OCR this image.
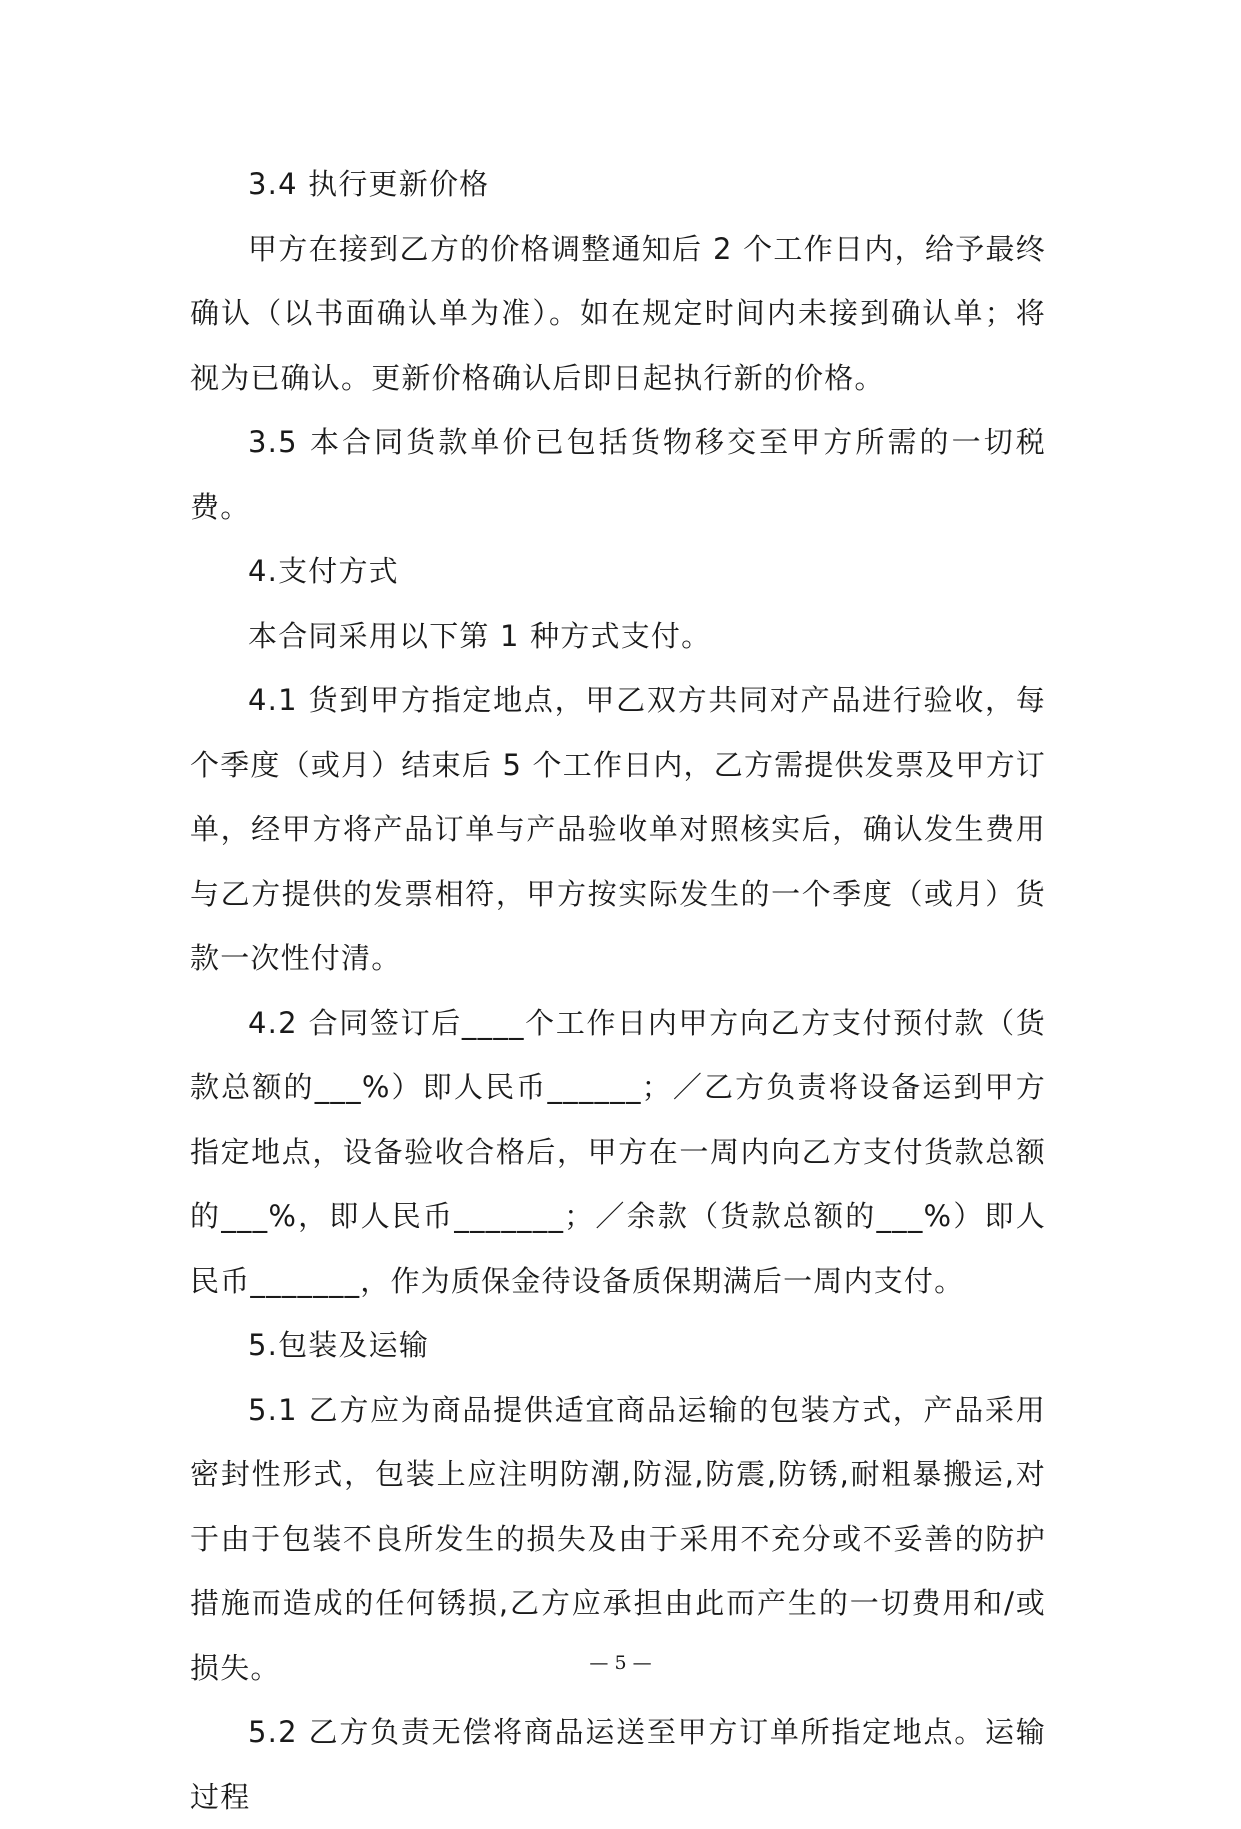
3.4 执行更新价格

甲方在接到乙方的价格调整通知后 2 个工作日内，给予最终确认（以书面确认单为准）。如在规定时间内未接到确认单；将视为已确认。更新价格确认后即日起执行新的价格。

3.5 本合同货款单价已包括货物移交至甲方所需的一切税费。

4.支付方式

本合同采用以下第 1 种方式支付。

4.1 货到甲方指定地点，甲乙双方共同对产品进行验收，每个季度（或月）结束后 5 个工作日内，乙方需提供发票及甲方订单，经甲方将产品订单与产品验收单对照核实后，确认发生费用与乙方提供的发票相符，甲方按实际发生的一个季度（或月）货款一次性付清。

4.2 合同签订后____个工作日内甲方向乙方支付预付款（货款总额的___%）即人民币______；／乙方负责将设备运到甲方指定地点，设备验收合格后，甲方在一周内向乙方支付货款总额的___%，即人民币_______；／余款（货款总额的___%）即人民币_______，作为质保金待设备质保期满后一周内支付。

5.包装及运输

5.1 乙方应为商品提供适宜商品运输的包装方式，产品采用密封性形式，包装上应注明防潮,防湿,防震,防锈,耐粗暴搬运,对于由于包装不良所发生的损失及由于采用不充分或不妥善的防护措施而造成的任何锈损,乙方应承担由此而产生的一切费用和/或损失。

5.2 乙方负责无偿将商品运送至甲方订单所指定地点。运输过程

— 5 —
